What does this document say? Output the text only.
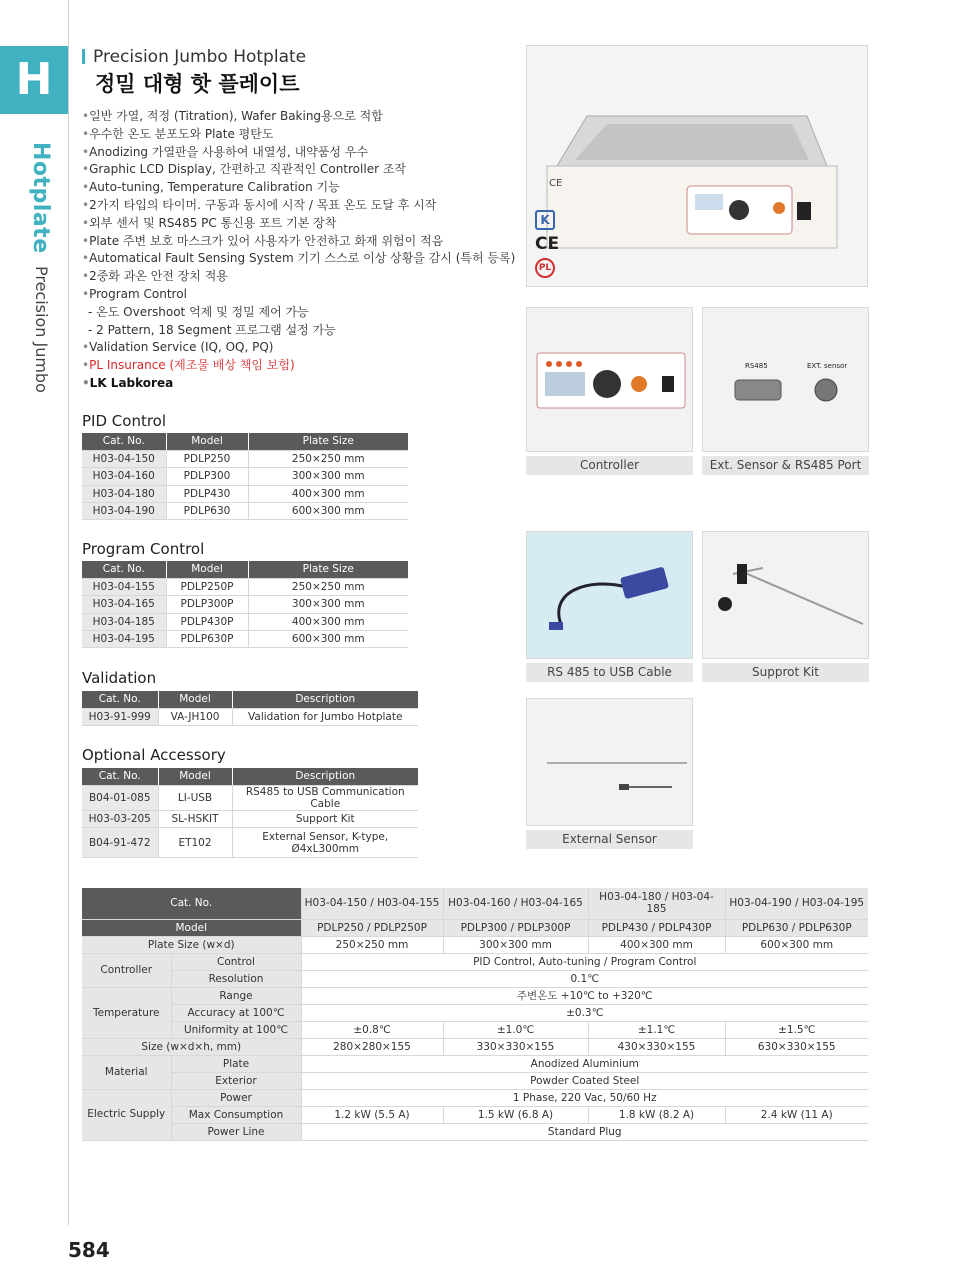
H
Hotplate
Precision Jumbo
Precision Jumbo Hotplate
정밀 대형 핫 플레이트
• 일반 가열, 적정 (Titration), Wafer Baking용으로 적합
• 우수한 온도 분포도와 Plate 평탄도
• Anodizing 가열판을 사용하여 내열성, 내약품성 우수
• Graphic LCD Display, 간편하고 직관적인 Controller 조작
• Auto-tuning, Temperature Calibration 기능
• 2가지 타입의 타이머. 구동과 동시에 시작 / 목표 온도 도달 후 시작
• 외부 센서 및 RS485 PC 통신용 포트 기본 장착
• Plate 주변 보호 마스크가 있어 사용자가 안전하고 화재 위험이 적음
• Automatical Fault Sensing System 기기 스스로 이상 상황을 감시 (특허 등록)
• 2중화 과온 안전 장치 적용
• Program Control
- 온도 Overshoot 억제 및 정밀 제어 가능
- 2 Pattern, 18 Segment 프로그램 설정 가능
• Validation Service (IQ, OQ, PQ)
• PL Insurance (제조물 배상 책임 보험)
• LK Labkorea
PID Control
Cat. No.	Model	Plate Size
H03-04-150	PDLP250	250×250 mm
H03-04-160	PDLP300	300×300 mm
H03-04-180	PDLP430	400×300 mm
H03-04-190	PDLP630	600×300 mm
Program Control
Cat. No.	Model	Plate Size
H03-04-155	PDLP250P	250×250 mm
H03-04-165	PDLP300P	300×300 mm
H03-04-185	PDLP430P	400×300 mm
H03-04-195	PDLP630P	600×300 mm
Validation
Cat. No.	Model	Description
H03-91-999	VA-JH100	Validation for Jumbo Hotplate
Optional Accessory
Cat. No.	Model	Description
B04-01-085	LI-USB	RS485 to USB Communication Cable
H03-03-205	SL-HSKIT	Support Kit
B04-91-472	ET102	External Sensor, K-type, Ø4xL300mm
CE
K
CE
PL
Controller
RS485	EXT. sensor
Ext. Sensor & RS485 Port
RS 485 to USB Cable	Supprot Kit
External Sensor
Cat. No.		H03-04-150 / H03-04-155	H03-04-160 / H03-04-165	H03-04-180 / H03-04-185	H03-04-190 / H03-04-195
Model		PDLP250 / PDLP250P	PDLP300 / PDLP300P	PDLP430 / PDLP430P	PDLP630 / PDLP630P
Plate Size (w×d)		250×250 mm	300×300 mm	400×300 mm	600×300 mm
Controller	Control	PID Control, Auto-tuning / Program Control			
	Resolution	0.1℃			
Temperature	Range	주변온도 +10℃ to +320℃			
	Accuracy at 100℃	±0.3℃			
	Uniformity at 100℃	±0.8℃	±1.0℃	±1.1℃	±1.5℃
Size (w×d×h, mm)		280×280×155	330×330×155	430×330×155	630×330×155
Material	Plate	Anodized Aluminium			
	Exterior	Powder Coated Steel			
Electric Supply	Power	1 Phase, 220 Vac, 50/60 Hz			
	Max Consumption	1.2 kW (5.5 A)	1.5 kW (6.8 A)	1.8 kW (8.2 A)	2.4 kW (11 A)
	Power Line	Standard Plug			
584
